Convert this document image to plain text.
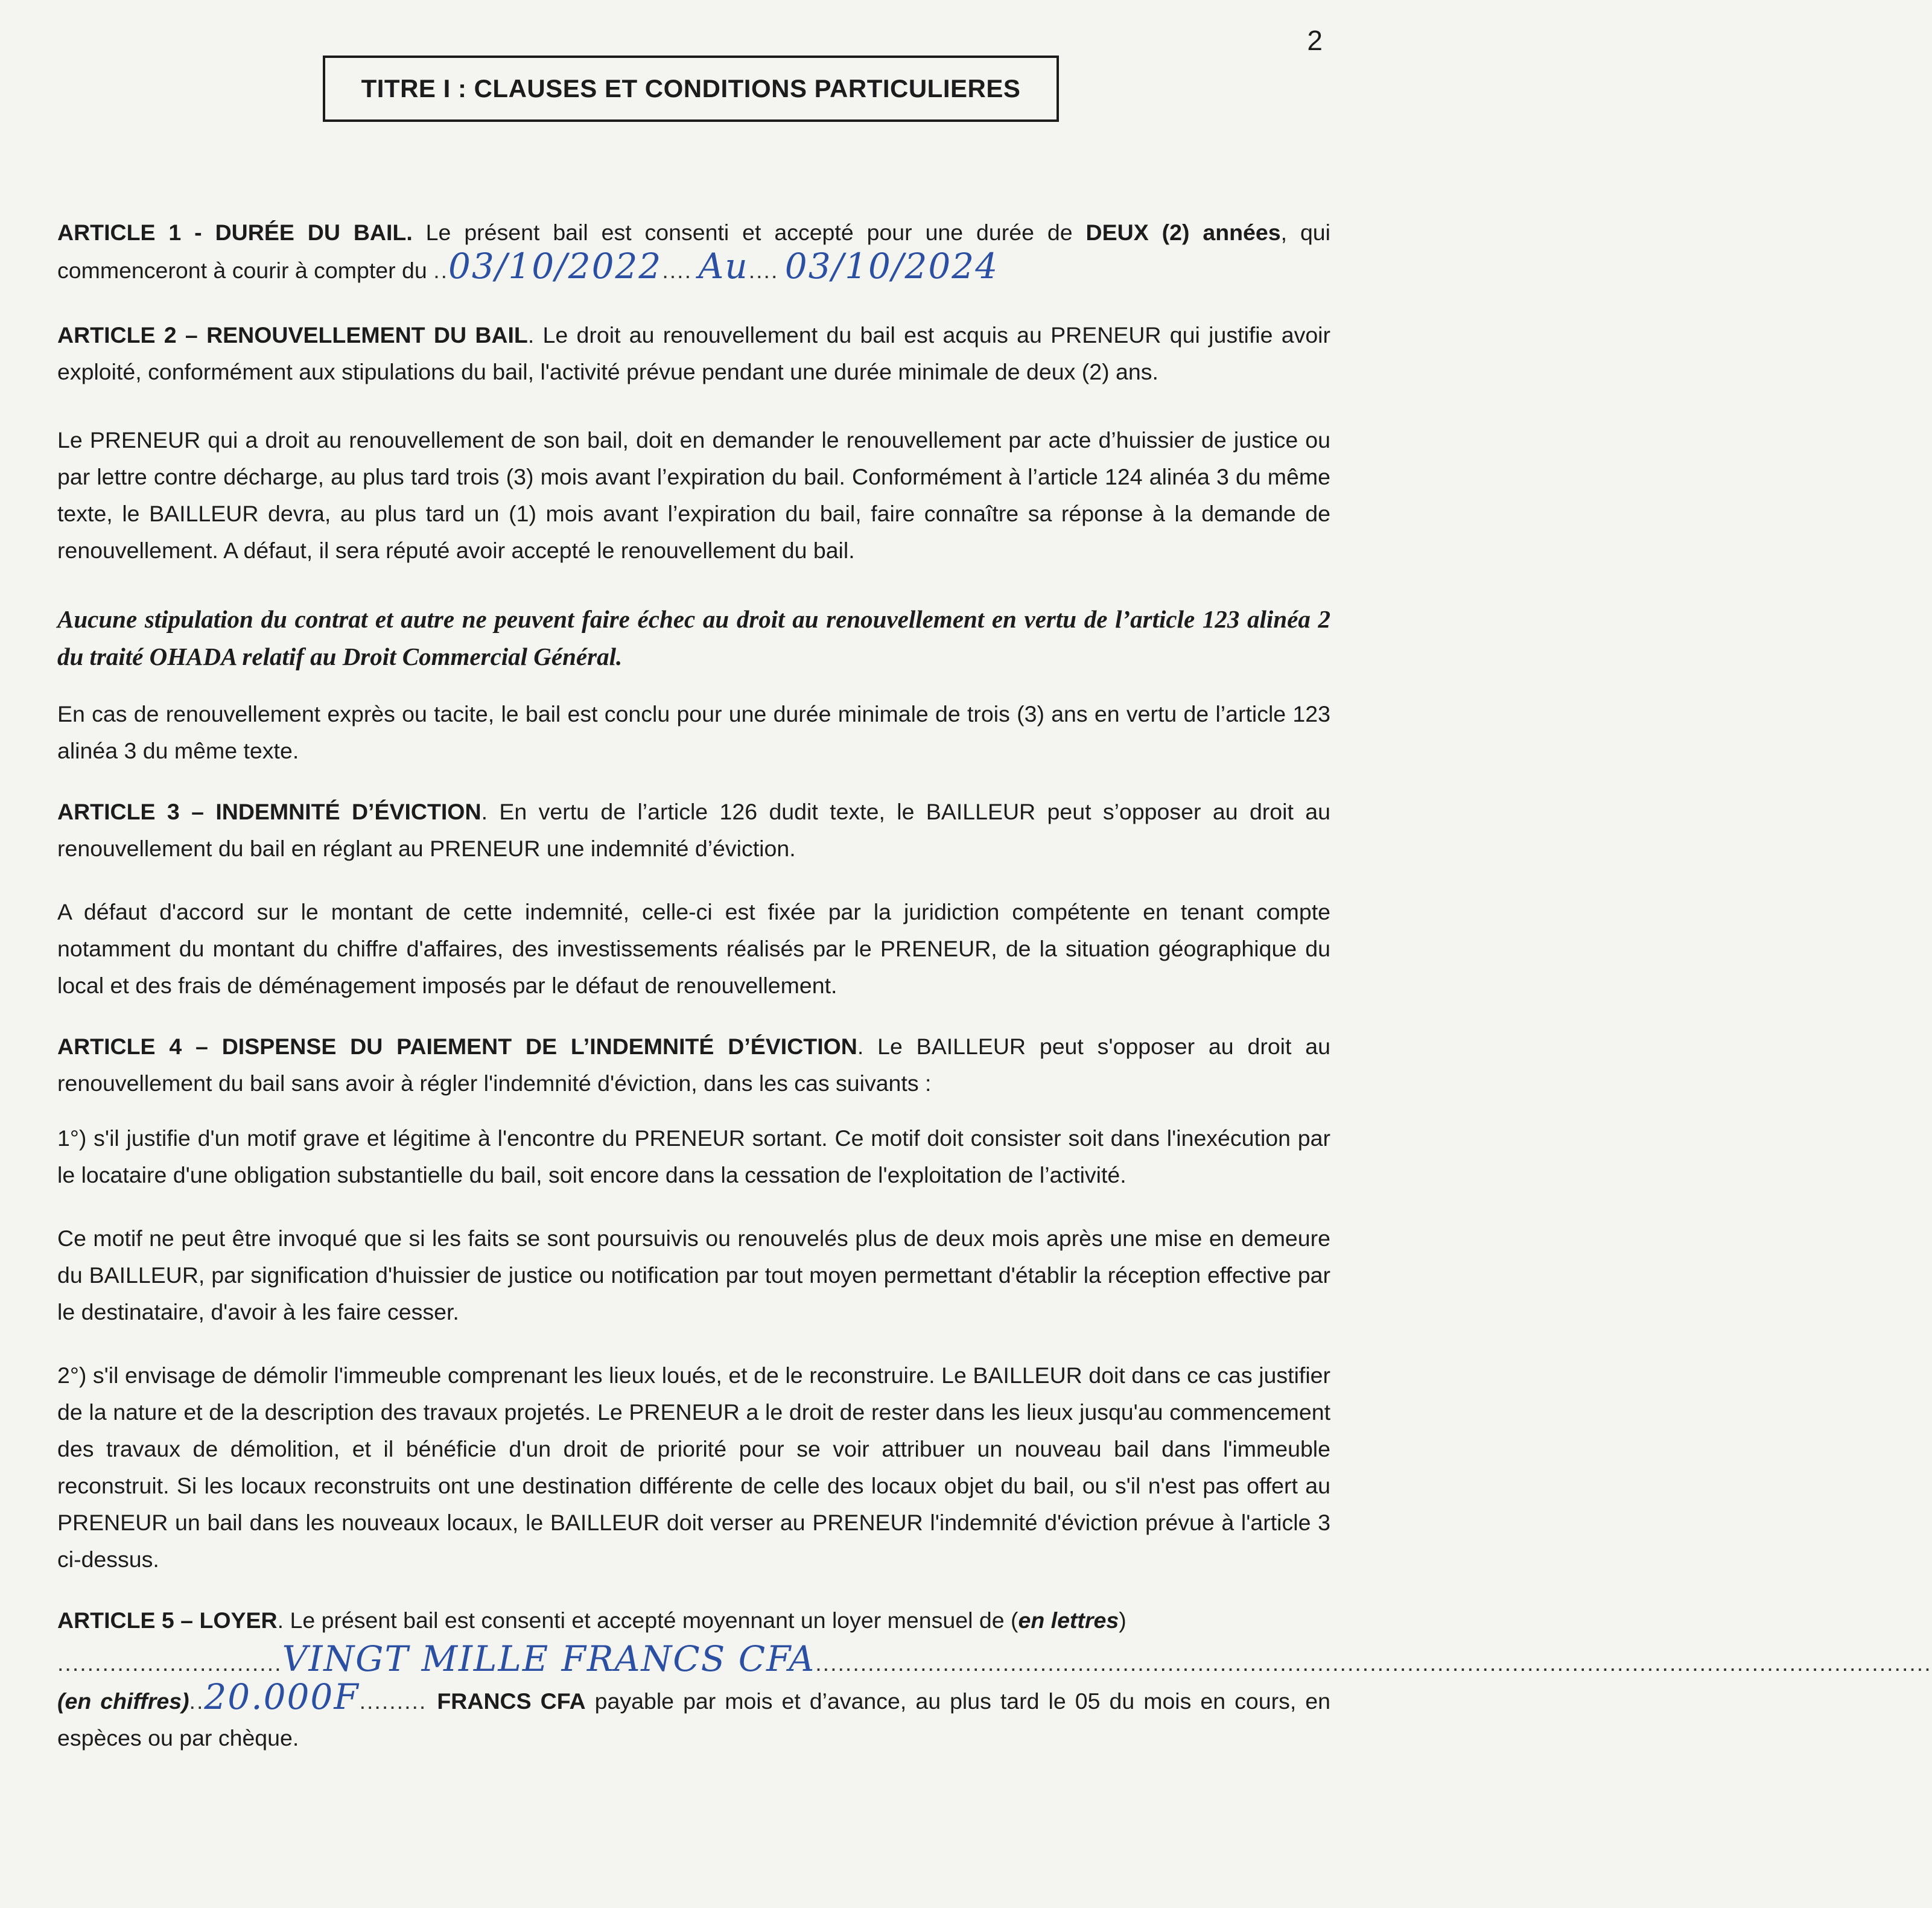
2
TITRE I : CLAUSES ET CONDITIONS PARTICULIERES

ARTICLE 1 - DURÉE DU BAIL. Le présent bail est consenti et accepté pour une durée de DEUX (2) années, qui commenceront à courir à compter du ..03/10/2022.... Au.... 03/10/2024

ARTICLE 2 – RENOUVELLEMENT DU BAIL. Le droit au renouvellement du bail est acquis au PRENEUR qui justifie avoir exploité, conformément aux stipulations du bail, l'activité prévue pendant une durée minimale de deux (2) ans.

Le PRENEUR qui a droit au renouvellement de son bail, doit en demander le renouvellement par acte d’huissier de justice ou par lettre contre décharge, au plus tard trois (3) mois avant l’expiration du bail. Conformément à l’article 124 alinéa 3 du même texte, le BAILLEUR devra, au plus tard un (1) mois avant l’expiration du bail, faire connaître sa réponse à la demande de renouvellement. A défaut, il sera réputé avoir accepté le renouvellement du bail.

Aucune stipulation du contrat et autre ne peuvent faire échec au droit au renouvellement en vertu de l’article 123 alinéa 2 du traité OHADA relatif au Droit Commercial Général.

En cas de renouvellement exprès ou tacite, le bail est conclu pour une durée minimale de trois (3) ans en vertu de l’article 123 alinéa 3 du même texte.

ARTICLE 3 – INDEMNITÉ D’ÉVICTION. En vertu de l’article 126 dudit texte, le BAILLEUR peut s’opposer au droit au renouvellement du bail en réglant au PRENEUR une indemnité d’éviction.

A défaut d'accord sur le montant de cette indemnité, celle-ci est fixée par la juridiction compétente en tenant compte notamment du montant du chiffre d'affaires, des investissements réalisés par le PRENEUR, de la situation géographique du local et des frais de déménagement imposés par le défaut de renouvellement.

ARTICLE 4 – DISPENSE DU PAIEMENT DE L’INDEMNITÉ D’ÉVICTION. Le BAILLEUR peut s'opposer au droit au renouvellement du bail sans avoir à régler l'indemnité d'éviction, dans les cas suivants :

1°) s'il justifie d'un motif grave et légitime à l'encontre du PRENEUR sortant. Ce motif doit consister soit dans l'inexécution par le locataire d'une obligation substantielle du bail, soit encore dans la cessation de l'exploitation de l’activité.

Ce motif ne peut être invoqué que si les faits se sont poursuivis ou renouvelés plus de deux mois après une mise en demeure du BAILLEUR, par signification d'huissier de justice ou notification par tout moyen permettant d'établir la réception effective par le destinataire, d'avoir à les faire cesser.

2°) s'il envisage de démolir l'immeuble comprenant les lieux loués, et de le reconstruire. Le BAILLEUR doit dans ce cas justifier de la nature et de la description des travaux projetés. Le PRENEUR a le droit de rester dans les lieux jusqu'au commencement des travaux de démolition, et il bénéficie d'un droit de priorité pour se voir attribuer un nouveau bail dans l'immeuble reconstruit. Si les locaux reconstruits ont une destination différente de celle des locaux objet du bail, ou s'il n'est pas offert au PRENEUR un bail dans les nouveaux locaux, le BAILLEUR doit verser au PRENEUR l'indemnité d'éviction prévue à l'article 3 ci-dessus.

ARTICLE 5 – LOYER. Le présent bail est consenti et accepté moyennant un loyer mensuel de (en lettres)
..............................VINGT MILLE FRANCS CFA.....................................................................................................................................................
(en chiffres)..20.000F......... FRANCS CFA payable par mois et d’avance, au plus tard le 05 du mois en cours, en espèces ou par chèque.
